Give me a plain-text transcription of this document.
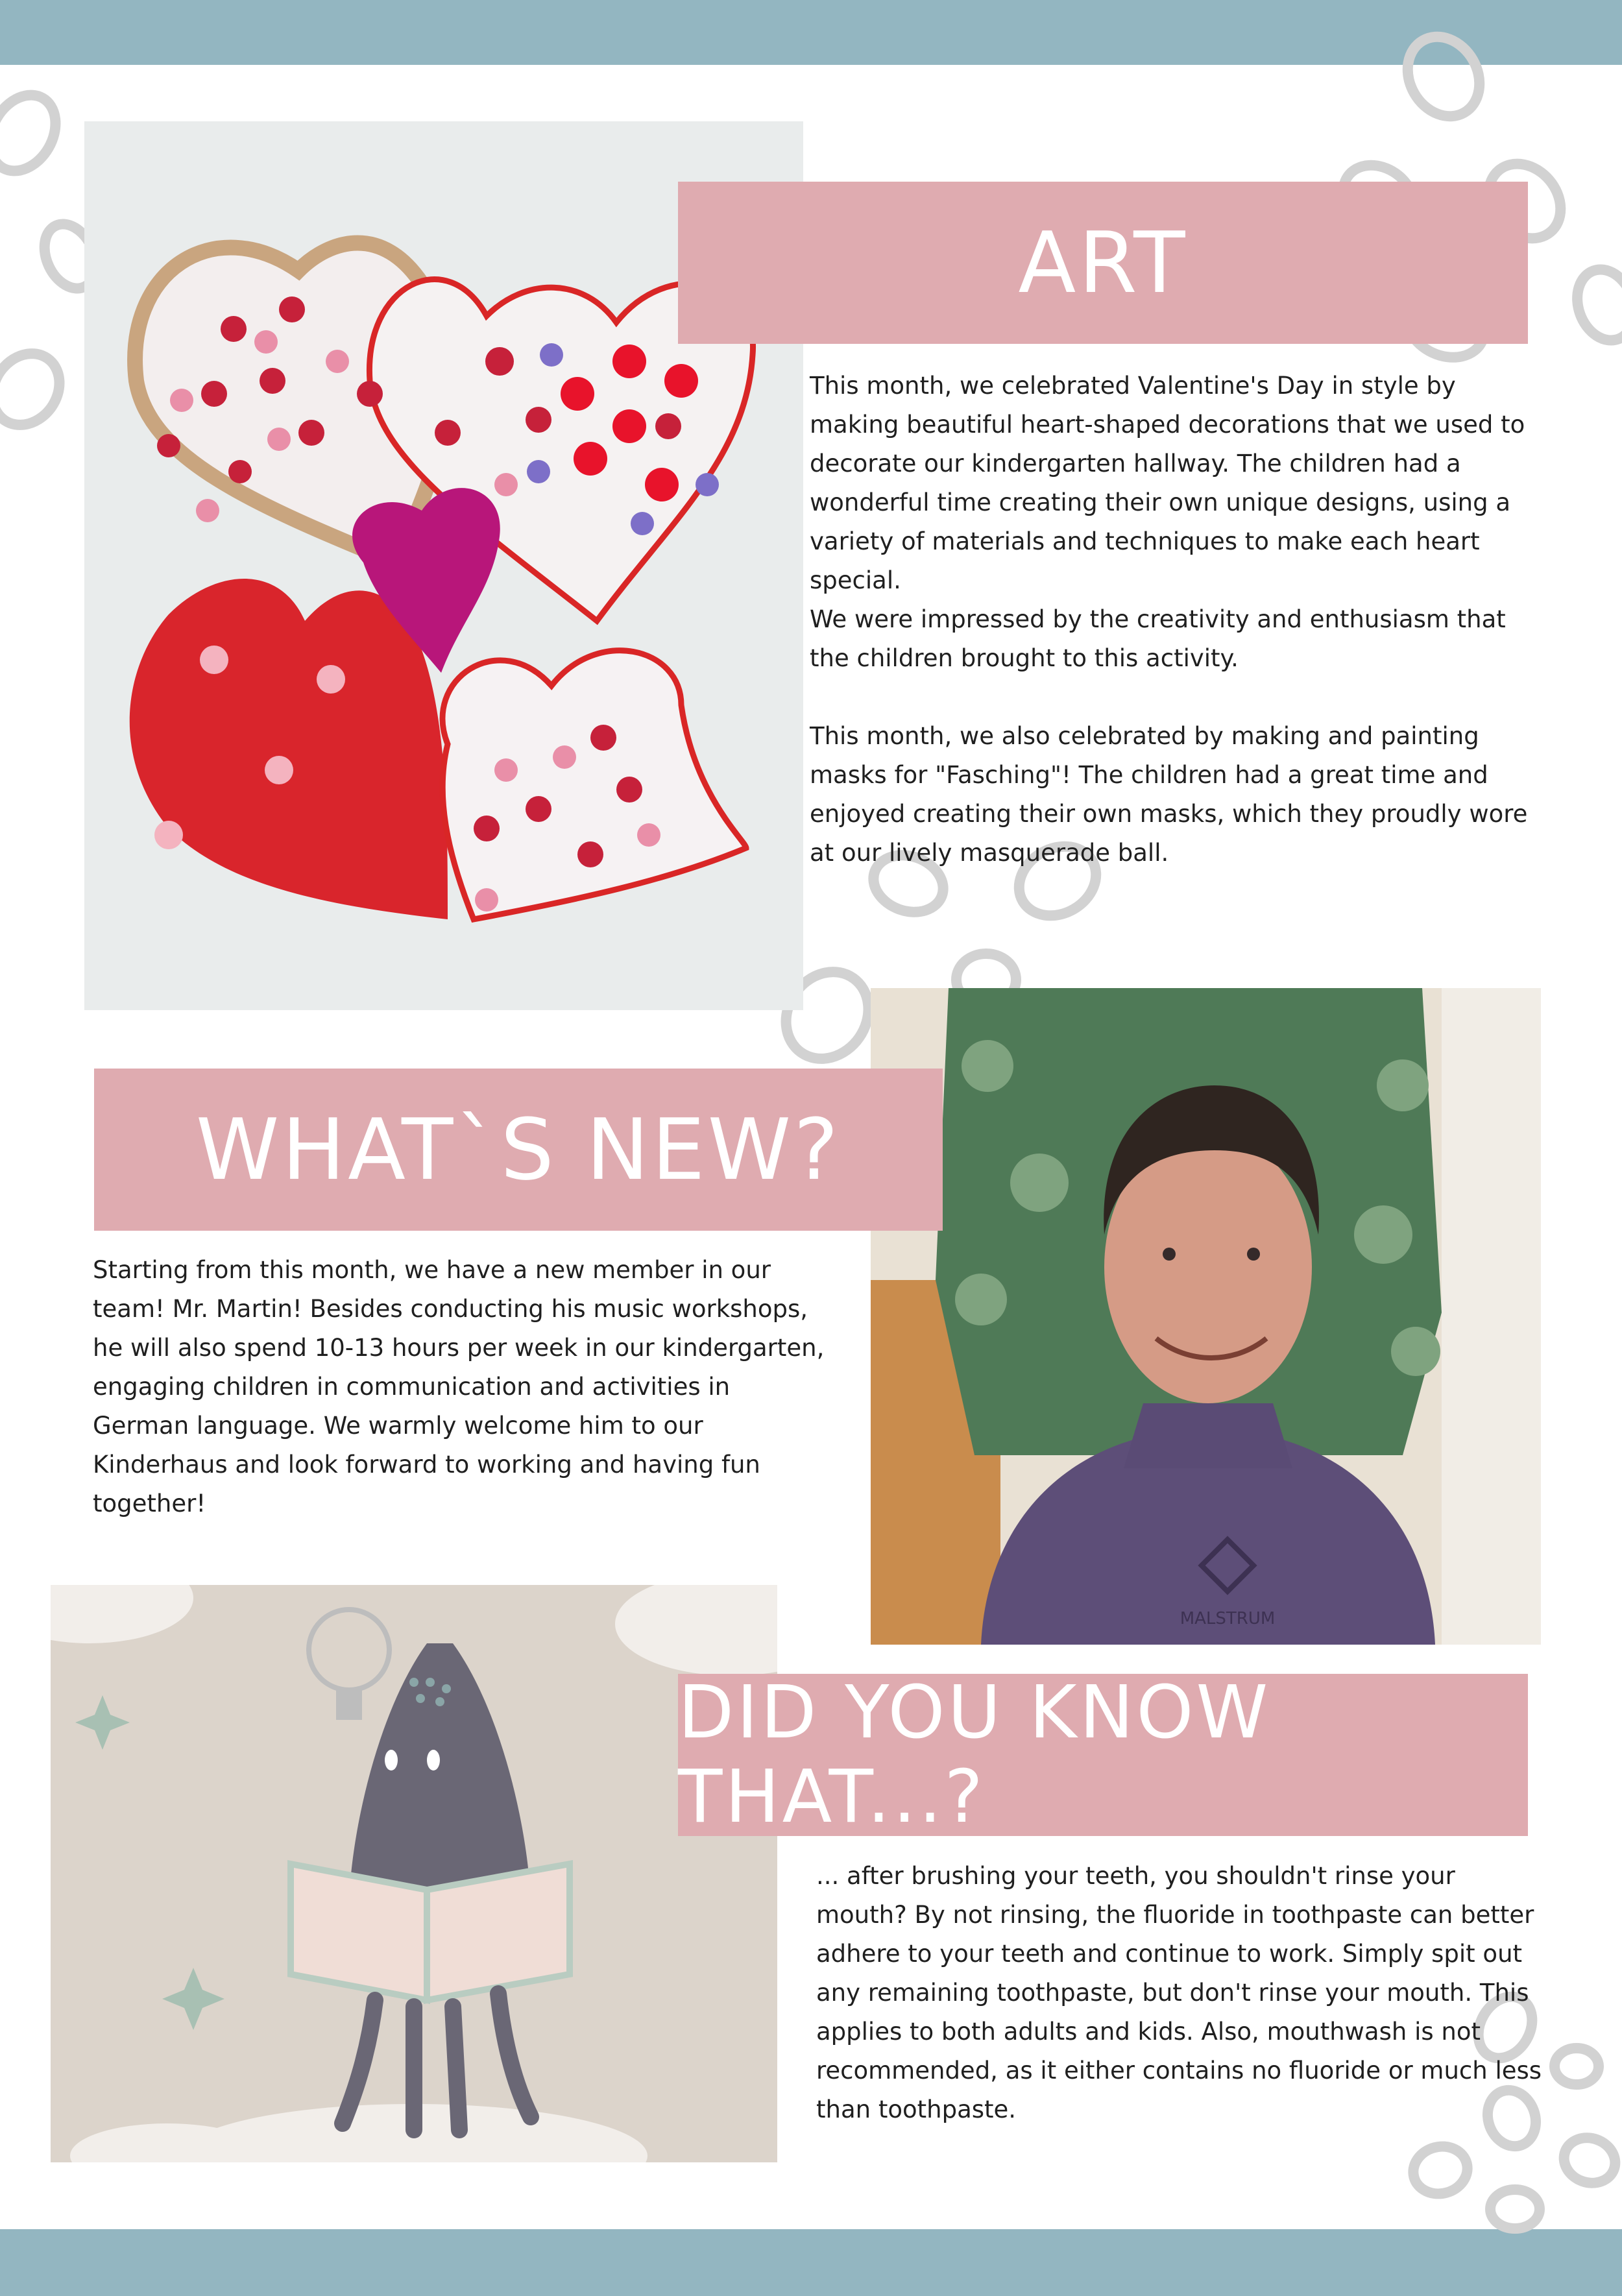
ART

This month, we celebrated Valentine's Day in style by making beautiful heart-shaped decorations that we used to decorate our kindergarten hallway. The children had a wonderful time creating their own unique designs, using a variety of materials and techniques to make each heart special.

We were impressed by the creativity and enthusiasm that the children brought to this activity.

This month, we also celebrated by making and painting masks for "Fasching"! The children had a great time and enjoyed creating their own masks, which they proudly wore at our lively masquerade ball.

MALSTRUM
WHAT`S NEW?

Starting from this month, we have a new member in our team! Mr. Martin! Besides conducting his music workshops, he will also spend 10-13 hours per week in our kindergarten, engaging children in communication and activities in German language. We warmly welcome him to our Kinderhaus and look forward to working and having fun together!

DID YOU KNOW THAT...?

... after brushing your teeth, you shouldn't rinse your mouth? By not rinsing, the fluoride in toothpaste can better adhere to your teeth and continue to work. Simply spit out any remaining toothpaste, but don't rinse your mouth. This applies to both adults and kids. Also, mouthwash is not recommended, as it either contains no fluoride or much less than toothpaste.
